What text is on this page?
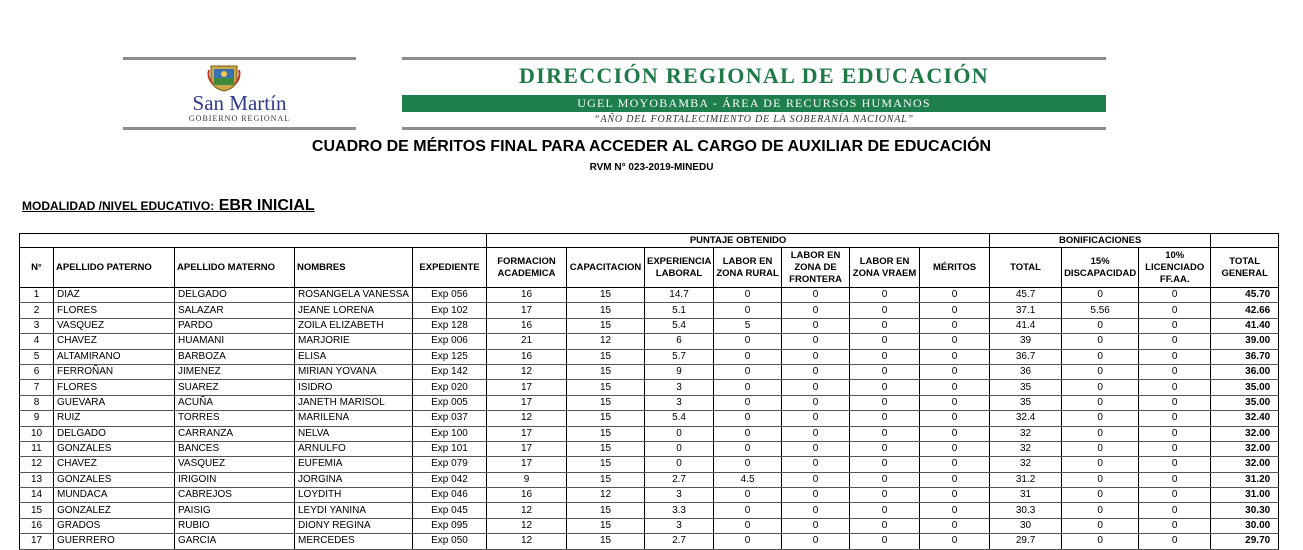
San Martín
GOBIERNO REGIONAL
DIRECCIÓN REGIONAL DE EDUCACIÓN
UGEL MOYOBAMBA - ÁREA DE RECURSOS HUMANOS
“AÑO DEL FORTALECIMIENTO DE LA SOBERANÍA NACIONAL”
CUADRO DE MÉRITOS FINAL PARA ACCEDER AL CARGO DE AUXILIAR DE EDUCACIÓN
RVM N° 023-2019-MINEDU
MODALIDAD /NIVEL EDUCATIVO: EBR INICIAL
					PUNTAJE OBTENIDO							BONIFICACIONES			
N°	APELLIDO PATERNO	APELLIDO MATERNO	NOMBRES	EXPEDIENTE	FORMACION ACADEMICA	CAPACITACION	EXPERIENCIA LABORAL	LABOR EN ZONA RURAL	LABOR EN ZONA DE FRONTERA	LABOR EN ZONA VRAEM	MÉRITOS	TOTAL	15% DISCAPACIDAD	10% LICENCIADO FF.AA.	TOTAL GENERAL
1	DIAZ	DELGADO	ROSANGELA VANESSA	Exp 056	16	15	14.7	0	0	0	0	45.7	0	0	45.70
2	FLORES	SALAZAR	JEANE LORENA	Exp 102	17	15	5.1	0	0	0	0	37.1	5.56	0	42.66
3	VASQUEZ	PARDO	ZOILA ELIZABETH	Exp 128	16	15	5.4	5	0	0	0	41.4	0	0	41.40
4	CHAVEZ	HUAMANI	MARJORIE	Exp 006	21	12	6	0	0	0	0	39	0	0	39.00
5	ALTAMIRANO	BARBOZA	ELISA	Exp 125	16	15	5.7	0	0	0	0	36.7	0	0	36.70
6	FERROÑAN	JIMENEZ	MIRIAN YOVANA	Exp 142	12	15	9	0	0	0	0	36	0	0	36.00
7	FLORES	SUAREZ	ISIDRO	Exp 020	17	15	3	0	0	0	0	35	0	0	35.00
8	GUEVARA	ACUÑA	JANETH MARISOL	Exp 005	17	15	3	0	0	0	0	35	0	0	35.00
9	RUIZ	TORRES	MARILENA	Exp 037	12	15	5.4	0	0	0	0	32.4	0	0	32.40
10	DELGADO	CARRANZA	NELVA	Exp 100	17	15	0	0	0	0	0	32	0	0	32.00
11	GONZALES	BANCES	ARNULFO	Exp 101	17	15	0	0	0	0	0	32	0	0	32.00
12	CHAVEZ	VASQUEZ	EUFEMIA	Exp 079	17	15	0	0	0	0	0	32	0	0	32.00
13	GONZALES	IRIGOIN	JORGINA	Exp 042	9	15	2.7	4.5	0	0	0	31.2	0	0	31.20
14	MUNDACA	CABREJOS	LOYDITH	Exp 046	16	12	3	0	0	0	0	31	0	0	31.00
15	GONZALEZ	PAISIG	LEYDI YANINA	Exp 045	12	15	3.3	0	0	0	0	30.3	0	0	30.30
16	GRADOS	RUBIO	DIONY REGINA	Exp 095	12	15	3	0	0	0	0	30	0	0	30.00
17	GUERRERO	GARCIA	MERCEDES	Exp 050	12	15	2.7	0	0	0	0	29.7	0	0	29.70
